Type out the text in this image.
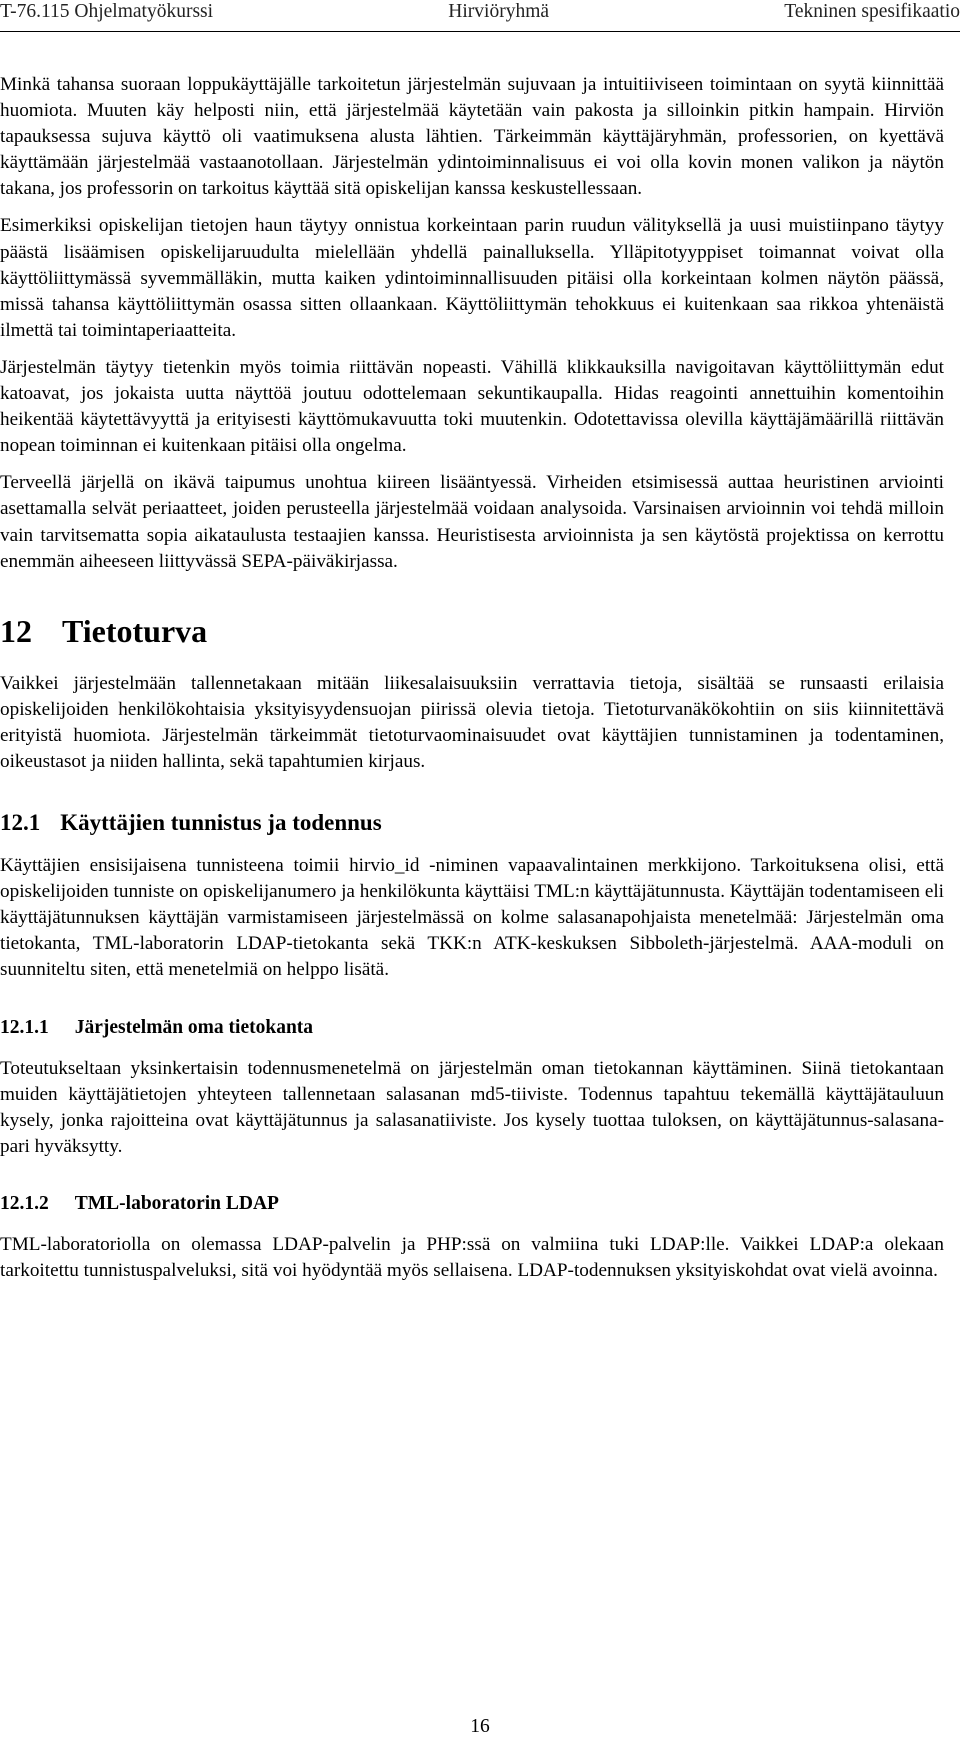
T-76.115 Ohjelmatyökurssi	Hirviöryhmä	Tekninen spesifikaatio

Minkä tahansa suoraan loppukäyttäjälle tarkoitetun järjestelmän sujuvaan ja intuitiiviseen toimintaan on syytä kiinnittää huomiota. Muuten käy helposti niin, että järjestelmää käytetään vain pakosta ja silloinkin pitkin hampain. Hirviön tapauksessa sujuva käyttö oli vaatimuksena alusta lähtien. Tärkeimmän käyttäjäryhmän, professorien, on kyettävä käyttämään järjestelmää vastaanotollaan. Järjestelmän ydintoiminnalisuus ei voi olla kovin monen valikon ja näytön takana, jos professorin on tarkoitus käyttää sitä opiskelijan kanssa keskustellessaan.

Esimerkiksi opiskelijan tietojen haun täytyy onnistua korkeintaan parin ruudun välityksellä ja uusi muistiinpano täytyy päästä lisäämisen opiskelijaruudulta mielellään yhdellä painalluksella. Ylläpitotyyppiset toimannat voivat olla käyttöliittymässä syvemmälläkin, mutta kaiken ydintoiminnallisuuden pitäisi olla korkeintaan kolmen näytön päässä, missä tahansa käyttöliittymän osassa sitten ollaankaan. Käyttöliittymän tehokkuus ei kuitenkaan saa rikkoa yhtenäistä ilmettä tai toimintaperiaatteita.

Järjestelmän täytyy tietenkin myös toimia riittävän nopeasti. Vähillä klikkauksilla navigoitavan käyttöliittymän edut katoavat, jos jokaista uutta näyttöä joutuu odottelemaan sekuntikaupalla. Hidas reagointi annettuihin komentoihin heikentää käytettävyyttä ja erityisesti käyttömukavuutta toki muutenkin. Odotettavissa olevilla käyttäjämäärillä riittävän nopean toiminnan ei kuitenkaan pitäisi olla ongelma.

Terveellä järjellä on ikävä taipumus unohtua kiireen lisääntyessä. Virheiden etsimisessä auttaa heuristinen arviointi asettamalla selvät periaatteet, joiden perusteella järjestelmää voidaan analysoida. Varsinaisen arvioinnin voi tehdä milloin vain tarvitsematta sopia aikataulusta testaajien kanssa. Heuristisesta arvioinnista ja sen käytöstä projektissa on kerrottu enemmän aiheeseen liittyvässä SEPA-päiväkirjassa.

12 Tietoturva

Vaikkei järjestelmään tallennetakaan mitään liikesalaisuuksiin verrattavia tietoja, sisältää se runsaasti erilaisia opiskelijoiden henkilökohtaisia yksityisyydensuojan piirissä olevia tietoja. Tietoturvanäkökohtiin on siis kiinnitettävä erityistä huomiota. Järjestelmän tärkeimmät tietoturvaominaisuudet ovat käyttäjien tunnistaminen ja todentaminen, oikeustasot ja niiden hallinta, sekä tapahtumien kirjaus.

12.1 Käyttäjien tunnistus ja todennus

Käyttäjien ensisijaisena tunnisteena toimii hirvio_id -niminen vapaavalintainen merkkijono. Tarkoituksena olisi, että opiskelijoiden tunniste on opiskelijanumero ja henkilökunta käyttäisi TML:n käyttäjätunnusta. Käyttäjän todentamiseen eli käyttäjätunnuksen käyttäjän varmistamiseen järjestelmässä on kolme salasanapohjaista menetelmää: Järjestelmän oma tietokanta, TML-laboratorin LDAP-tietokanta sekä TKK:n ATK-keskuksen Sibboleth-järjestelmä. AAA-moduli on suunniteltu siten, että menetelmiä on helppo lisätä.

12.1.1 Järjestelmän oma tietokanta

Toteutukseltaan yksinkertaisin todennusmenetelmä on järjestelmän oman tietokannan käyttäminen. Siinä tietokantaan muiden käyttäjätietojen yhteyteen tallennetaan salasanan md5-tiiviste. Todennus tapahtuu tekemällä käyttäjätauluun kysely, jonka rajoitteina ovat käyttäjätunnus ja salasanatiiviste. Jos kysely tuottaa tuloksen, on käyttäjätunnus-salasana-pari hyväksytty.

12.1.2 TML-laboratorin LDAP

TML-laboratoriolla on olemassa LDAP-palvelin ja PHP:ssä on valmiina tuki LDAP:lle. Vaikkei LDAP:a olekaan tarkoitettu tunnistuspalveluksi, sitä voi hyödyntää myös sellaisena. LDAP-todennuksen yksityiskohdat ovat vielä avoinna.

16
